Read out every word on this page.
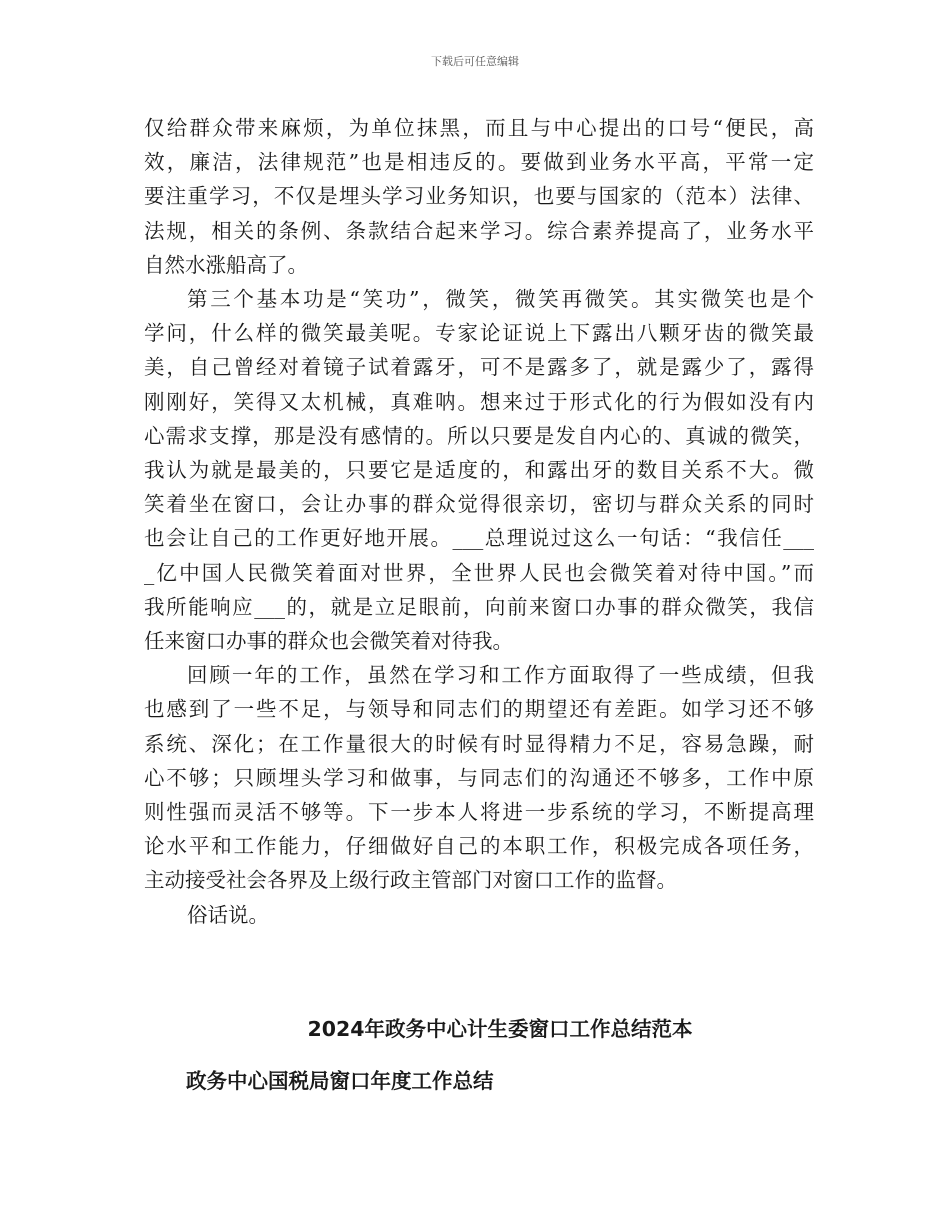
下载后可任意编辑
仅给群众带来麻烦，为单位抹黑，而且与中心提出的口号“便民，高
效，廉洁，法律规范”也是相违反的。要做到业务水平高，平常一定
要注重学习，不仅是埋头学习业务知识，也要与国家的（范本）法律、
法规，相关的条例、条款结合起来学习。综合素养提高了，业务水平
自然水涨船高了。
第三个基本功是“笑功”，微笑，微笑再微笑。其实微笑也是个
学问，什么样的微笑最美呢。专家论证说上下露出八颗牙齿的微笑最
美，自己曾经对着镜子试着露牙，可不是露多了，就是露少了，露得
刚刚好，笑得又太机械，真难呐。想来过于形式化的行为假如没有内
心需求支撑，那是没有感情的。所以只要是发自内心的、真诚的微笑，
我认为就是最美的，只要它是适度的，和露出牙的数目关系不大。微
笑着坐在窗口，会让办事的群众觉得很亲切，密切与群众关系的同时
也会让自己的工作更好地开展。___总理说过这么一句话：“我信任___
_亿中国人民微笑着面对世界，全世界人民也会微笑着对待中国。”而
我所能响应___的，就是立足眼前，向前来窗口办事的群众微笑，我信
任来窗口办事的群众也会微笑着对待我。
回顾一年的工作，虽然在学习和工作方面取得了一些成绩，但我
也感到了一些不足，与领导和同志们的期望还有差距。如学习还不够
系统、深化；在工作量很大的时候有时显得精力不足，容易急躁，耐
心不够；只顾埋头学习和做事，与同志们的沟通还不够多，工作中原
则性强而灵活不够等。下一步本人将进一步系统的学习，不断提高理
论水平和工作能力，仔细做好自己的本职工作，积极完成各项任务，
主动接受社会各界及上级行政主管部门对窗口工作的监督。
俗话说。
2024年政务中心计生委窗口工作总结范本
政务中心国税局窗口年度工作总结
